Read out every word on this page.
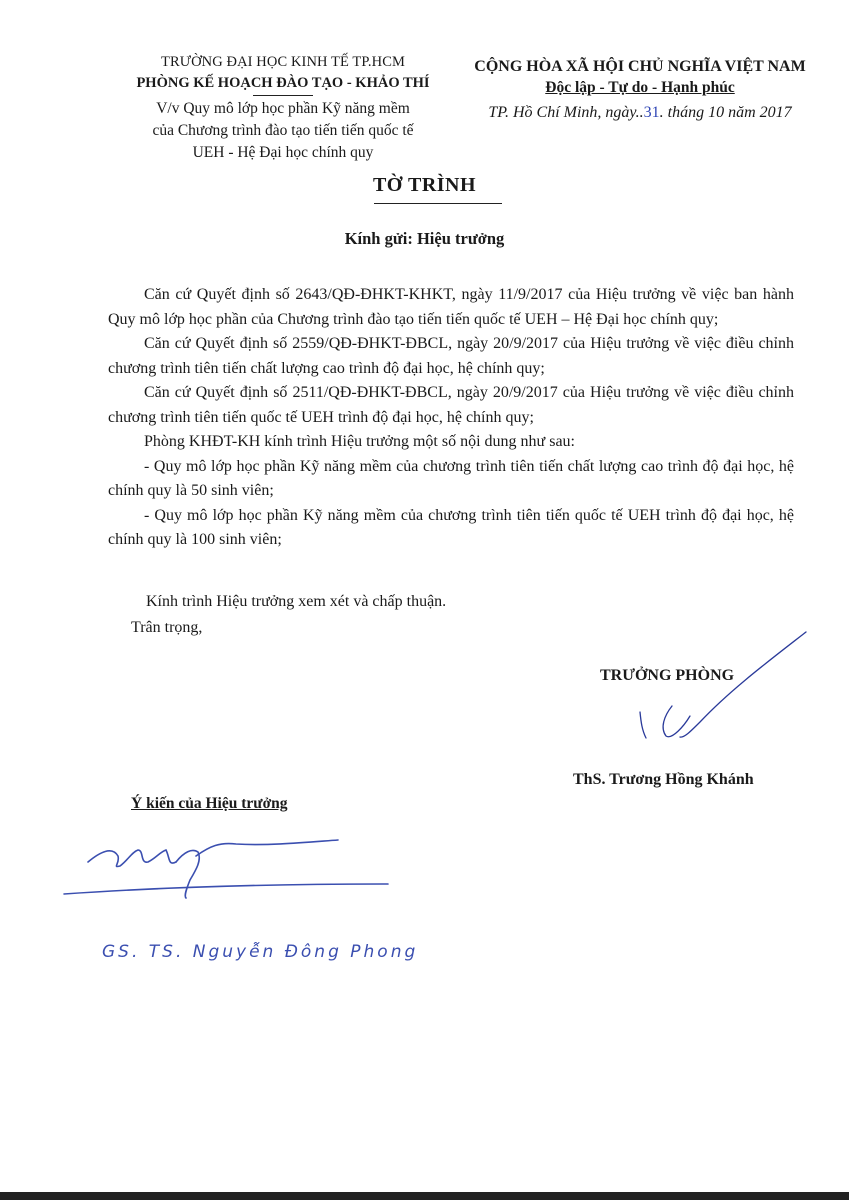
TRƯỜNG ĐẠI HỌC KINH TẾ TP.HCM
PHÒNG KẾ HOẠCH ĐÀO TẠO - KHẢO THÍ
V/v Quy mô lớp học phần Kỹ năng mềm
của Chương trình đào tạo tiến tiến quốc tế
UEH - Hệ Đại học chính quy
CỘNG HÒA XÃ HỘI CHỦ NGHĨA VIỆT NAM
Độc lập - Tự do - Hạnh phúc
TP. Hồ Chí Minh, ngày..31. tháng 10 năm 2017
TỜ TRÌNH
Kính gửi: Hiệu trưởng

Căn cứ Quyết định số 2643/QĐ-ĐHKT-KHKT, ngày 11/9/2017 của Hiệu trưởng về việc ban hành Quy mô lớp học phần của Chương trình đào tạo tiến tiến quốc tế UEH – Hệ Đại học chính quy;

Căn cứ Quyết định số 2559/QĐ-ĐHKT-ĐBCL, ngày 20/9/2017 của Hiệu trưởng về việc điều chỉnh chương trình tiên tiến chất lượng cao trình độ đại học, hệ chính quy;

Căn cứ Quyết định số 2511/QĐ-ĐHKT-ĐBCL, ngày 20/9/2017 của Hiệu trưởng về việc điều chỉnh chương trình tiên tiến quốc tế UEH trình độ đại học, hệ chính quy;

Phòng KHĐT-KH kính trình Hiệu trưởng một số nội dung như sau:

- Quy mô lớp học phần Kỹ năng mềm của chương trình tiên tiến chất lượng cao trình độ đại học, hệ chính quy là 50 sinh viên;

- Quy mô lớp học phần Kỹ năng mềm của chương trình tiên tiến quốc tế UEH trình độ đại học, hệ chính quy là 100 sinh viên;

Kính trình Hiệu trưởng xem xét và chấp thuận.
Trân trọng,
TRƯỞNG PHÒNG
ThS. Trương Hồng Khánh
Ý kiến của Hiệu trưởng
GS. TS. Nguyễn Đông Phong
